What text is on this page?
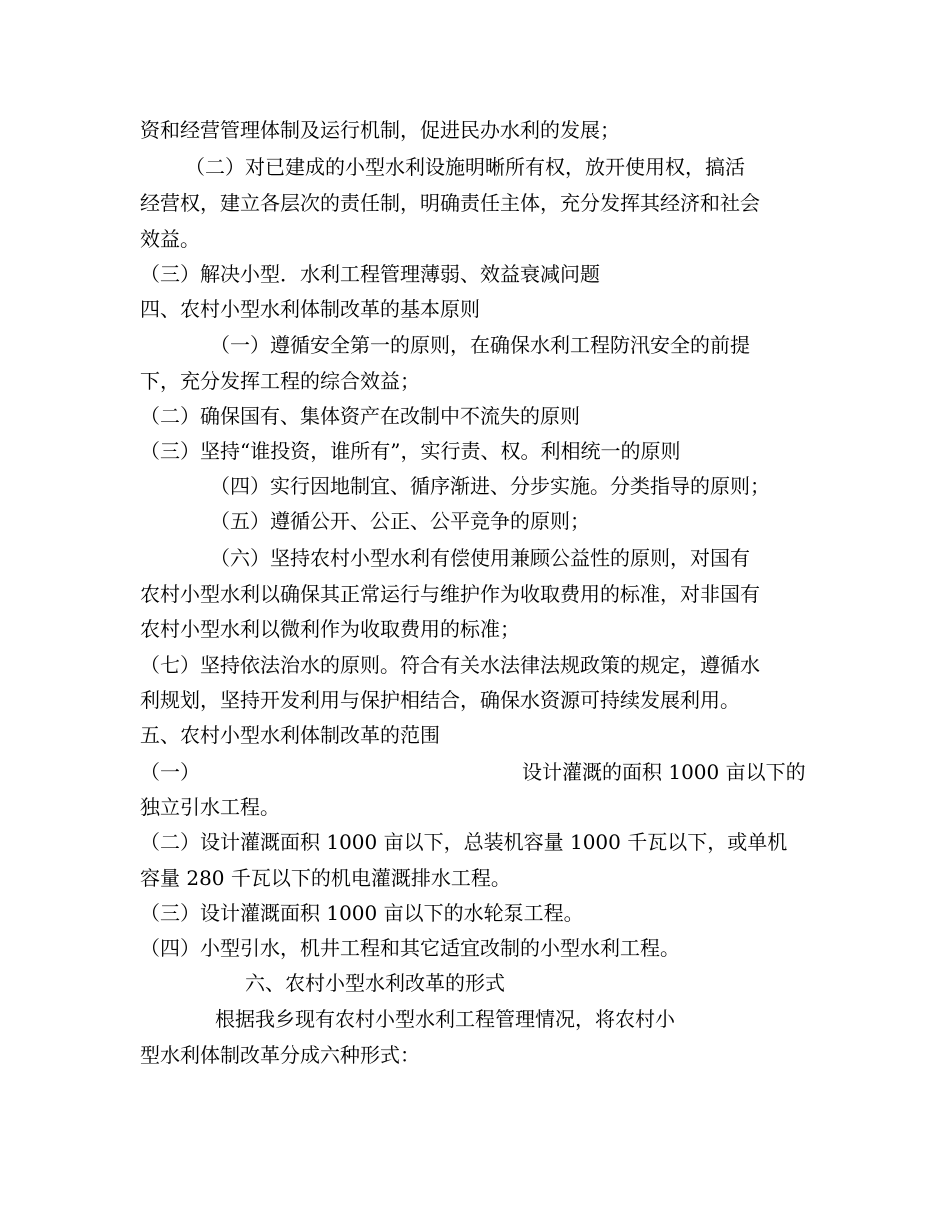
资和经营管理体制及运行机制，促进民办水利的发展；
（二）对已建成的小型水利设施明晰所有权，放开使用权，搞活
经营权，建立各层次的责任制，明确责任主体，充分发挥其经济和社会
效益。
（三）解决小型．水利工程管理薄弱、效益衰减问题
四、农村小型水利体制改革的基本原则
（一）遵循安全第一的原则，在确保水利工程防汛安全的前提
下，充分发挥工程的综合效益；
（二）确保国有、集体资产在改制中不流失的原则
（三）坚持“谁投资，谁所有”，实行责、权。利相统一的原则
（四）实行因地制宜、循序渐进、分步实施。分类指导的原则；
（五）遵循公开、公正、公平竞争的原则；
（六）坚持农村小型水利有偿使用兼顾公益性的原则，对国有
农村小型水利以确保其正常运行与维护作为收取费用的标准，对非国有
农村小型水利以微利作为收取费用的标准；
（七）坚持依法治水的原则。符合有关水法律法规政策的规定，遵循水
利规划，坚持开发利用与保护相结合，确保水资源可持续发展利用。
五、农村小型水利体制改革的范围
（一）	设计灌溉的面积 1000 亩以下的
独立引水工程。
（二）设计灌溉面积 1000 亩以下，总装机容量 1000 千瓦以下，或单机
容量 280 千瓦以下的机电灌溉排水工程。
（三）设计灌溉面积 1000 亩以下的水轮泵工程。
（四）小型引水，机井工程和其它适宜改制的小型水利工程。
六、农村小型水利改革的形式
根据我乡现有农村小型水利工程管理情况，将农村小
型水利体制改革分成六种形式：
